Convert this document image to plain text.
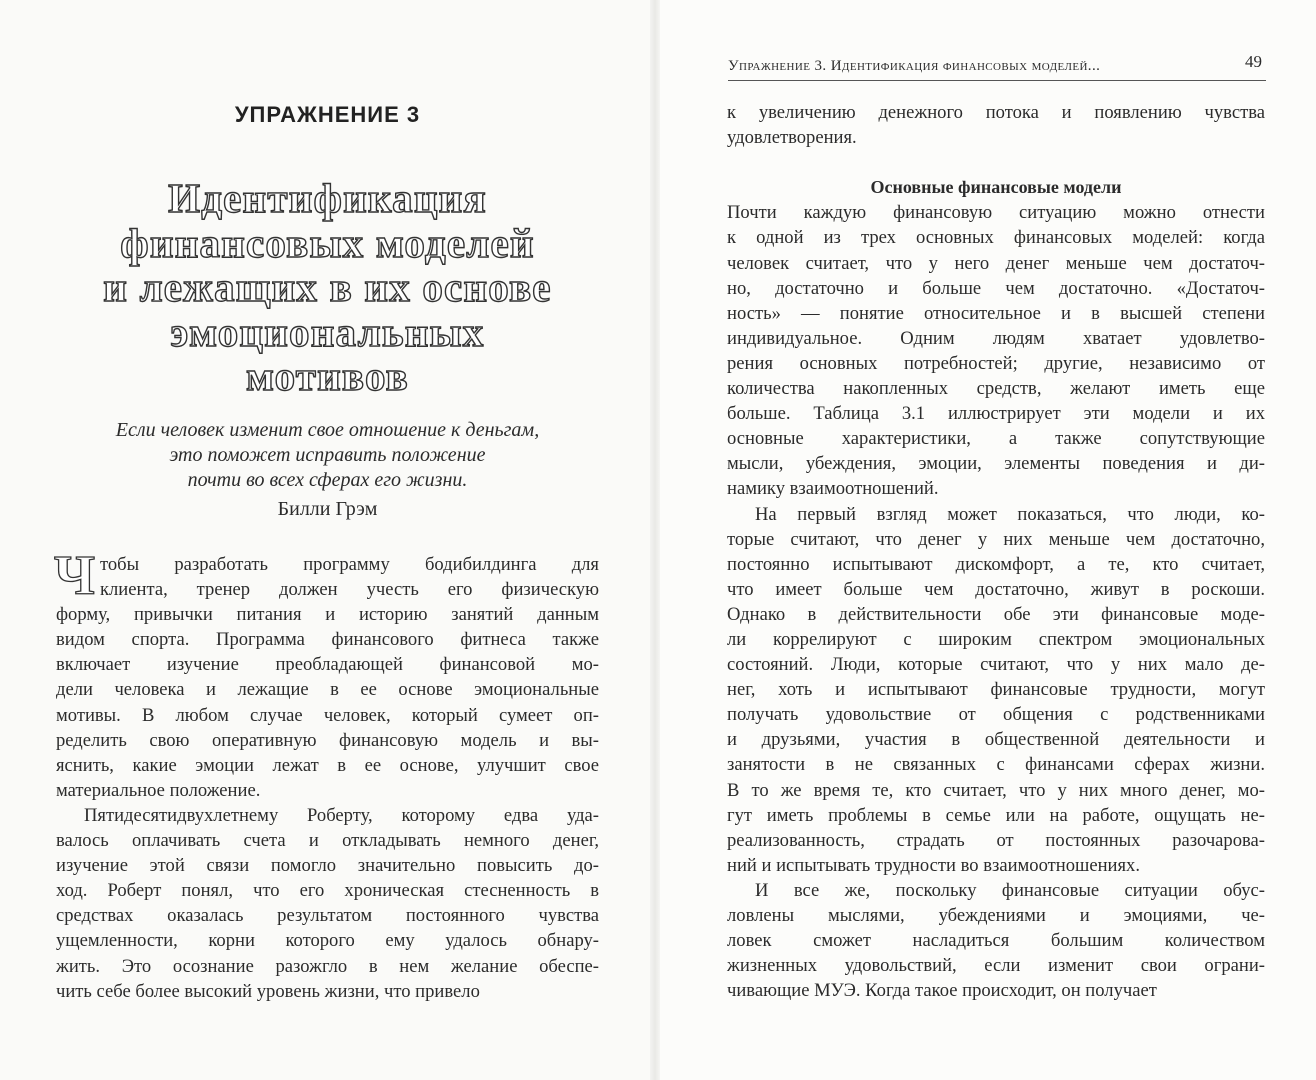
УПРАЖНЕНИЕ 3
Идентификация
финансовых моделей
и лежащих в их основе
эмоциональных
мотивов
Если человек изменит свое отношение к деньгам,
это поможет исправить положение
почти во всех сферах его жизни.
Билли Грэм
Ч тобы разработать программу бодибилдинга для
клиента, тренер должен учесть его физическую
форму, привычки питания и историю занятий данным
видом спорта. Программа финансового фитнеса также
включает изучение преобладающей финансовой мо-
дели человека и лежащие в ее основе эмоциональные
мотивы. В любом случае человек, который сумеет оп-
ределить свою оперативную финансовую модель и вы-
яснить, какие эмоции лежат в ее основе, улучшит свое
материальное положение.
Пятидесятидвухлетнему Роберту, которому едва уда-
валось оплачивать счета и откладывать немного денег,
изучение этой связи помогло значительно повысить до-
ход. Роберт понял, что его хроническая стесненность в
средствах оказалась результатом постоянного чувства
ущемленности, корни которого ему удалось обнару-
жить. Это осознание разожгло в нем желание обеспе-
чить себе более высокий уровень жизни, что привело
Упражнение 3. Идентификация финансовых моделей...	49
к увеличению денежного потока и появлению чувства
удовлетворения.
Основные финансовые модели
Почти каждую финансовую ситуацию можно отнести
к одной из трех основных финансовых моделей: когда
человек считает, что у него денег меньше чем достаточ-
но, достаточно и больше чем достаточно. «Достаточ-
ность» — понятие относительное и в высшей степени
индивидуальное. Одним людям хватает удовлетво-
рения основных потребностей; другие, независимо от
количества накопленных средств, желают иметь еще
больше. Таблица 3.1 иллюстрирует эти модели и их
основные характеристики, а также сопутствующие
мысли, убеждения, эмоции, элементы поведения и ди-
намику взаимоотношений.
На первый взгляд может показаться, что люди, ко-
торые считают, что денег у них меньше чем достаточно,
постоянно испытывают дискомфорт, а те, кто считает,
что имеет больше чем достаточно, живут в роскоши.
Однако в действительности обе эти финансовые моде-
ли коррелируют с широким спектром эмоциональных
состояний. Люди, которые считают, что у них мало де-
нег, хоть и испытывают финансовые трудности, могут
получать удовольствие от общения с родственниками
и друзьями, участия в общественной деятельности и
занятости в не связанных с финансами сферах жизни.
В то же время те, кто считает, что у них много денег, мо-
гут иметь проблемы в семье или на работе, ощущать не-
реализованность, страдать от постоянных разочарова-
ний и испытывать трудности во взаимоотношениях.
И все же, поскольку финансовые ситуации обус-
ловлены мыслями, убеждениями и эмоциями, че-
ловек сможет насладиться большим количеством
жизненных удовольствий, если изменит свои ограни-
чивающие МУЭ. Когда такое происходит, он получает
